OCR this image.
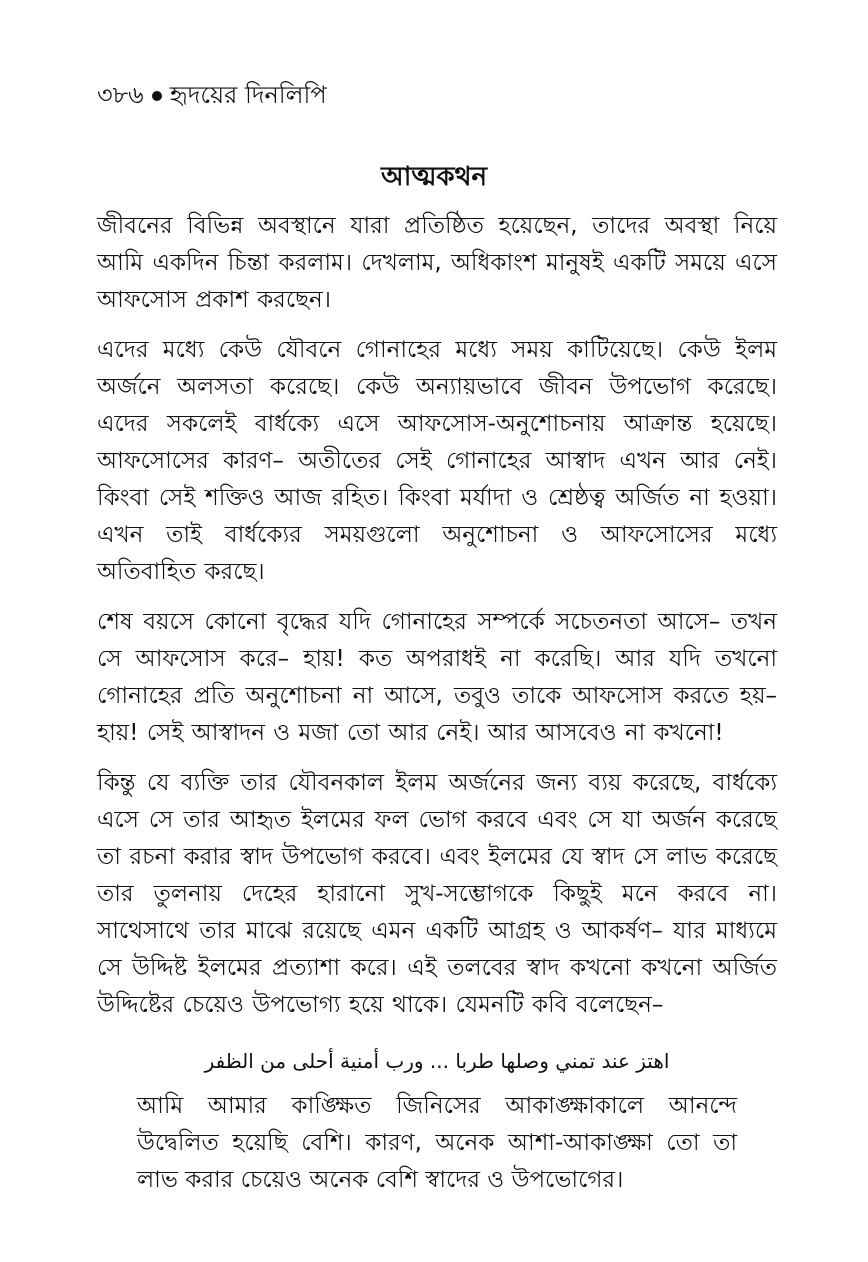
৩৮৬ হৃদয়ের দিনলিপি
আত্মকথন

জীবনের বিভিন্ন অবস্থানে যারা প্রতিষ্ঠিত হয়েছেন, তাদের অবস্থা নিয়ে আমি একদিন চিন্তা করলাম। দেখলাম, অধিকাংশ মানুষই একটি সময়ে এসে আফসোস প্রকাশ করছেন।

এদের মধ্যে কেউ যৌবনে গোনাহের মধ্যে সময় কাটিয়েছে। কেউ ইলম অর্জনে অলসতা করেছে। কেউ অন্যায়ভাবে জীবন উপভোগ করেছে। এদের সকলেই বার্ধক্যে এসে আফসোস-অনুশোচনায় আক্রান্ত হয়েছে। আফসোসের কারণ– অতীতের সেই গোনাহের আস্বাদ এখন আর নেই। কিংবা সেই শক্তিও আজ রহিত। কিংবা মর্যাদা ও শ্রেষ্ঠত্ব অর্জিত না হওয়া। এখন তাই বার্ধক্যের সময়গুলো অনুশোচনা ও আফসোসের মধ্যে অতিবাহিত করছে।

শেষ বয়সে কোনো বৃদ্ধের যদি গোনাহের সম্পর্কে সচেতনতা আসে– তখন সে আফসোস করে– হায়! কত অপরাধই না করেছি। আর যদি তখনো গোনাহের প্রতি অনুশোচনা না আসে, তবুও তাকে আফসোস করতে হয়– হায়! সেই আস্বাদন ও মজা তো আর নেই। আর আসবেও না কখনো!

কিন্তু যে ব্যক্তি তার যৌবনকাল ইলম অর্জনের জন্য ব্যয় করেছে, বার্ধক্যে এসে সে তার আহৃত ইলমের ফল ভোগ করবে এবং সে যা অর্জন করেছে তা রচনা করার স্বাদ উপভোগ করবে। এবং ইলমের যে স্বাদ সে লাভ করেছে তার তুলনায় দেহের হারানো সুখ-সম্ভোগকে কিছুই মনে করবে না। সাথেসাথে তার মাঝে রয়েছে এমন একটি আগ্রহ ও আকর্ষণ– যার মাধ্যমে সে উদ্দিষ্ট ইলমের প্রত্যাশা করে। এই তলবের স্বাদ কখনো কখনো অর্জিত উদ্দিষ্টের চেয়েও উপভোগ্য হয়ে থাকে। যেমনটি কবি বলেছেন–

اهتز عند تمني وصلها طربا ... ورب أمنية أحلى من الظفر

আমি আমার কাঙ্ক্ষিত জিনিসের আকাঙ্ক্ষাকালে আনন্দে উদ্বেলিত হয়েছি বেশি। কারণ, অনেক আশা-আকাঙ্ক্ষা তো তা লাভ করার চেয়েও অনেক বেশি স্বাদের ও উপভোগের।
